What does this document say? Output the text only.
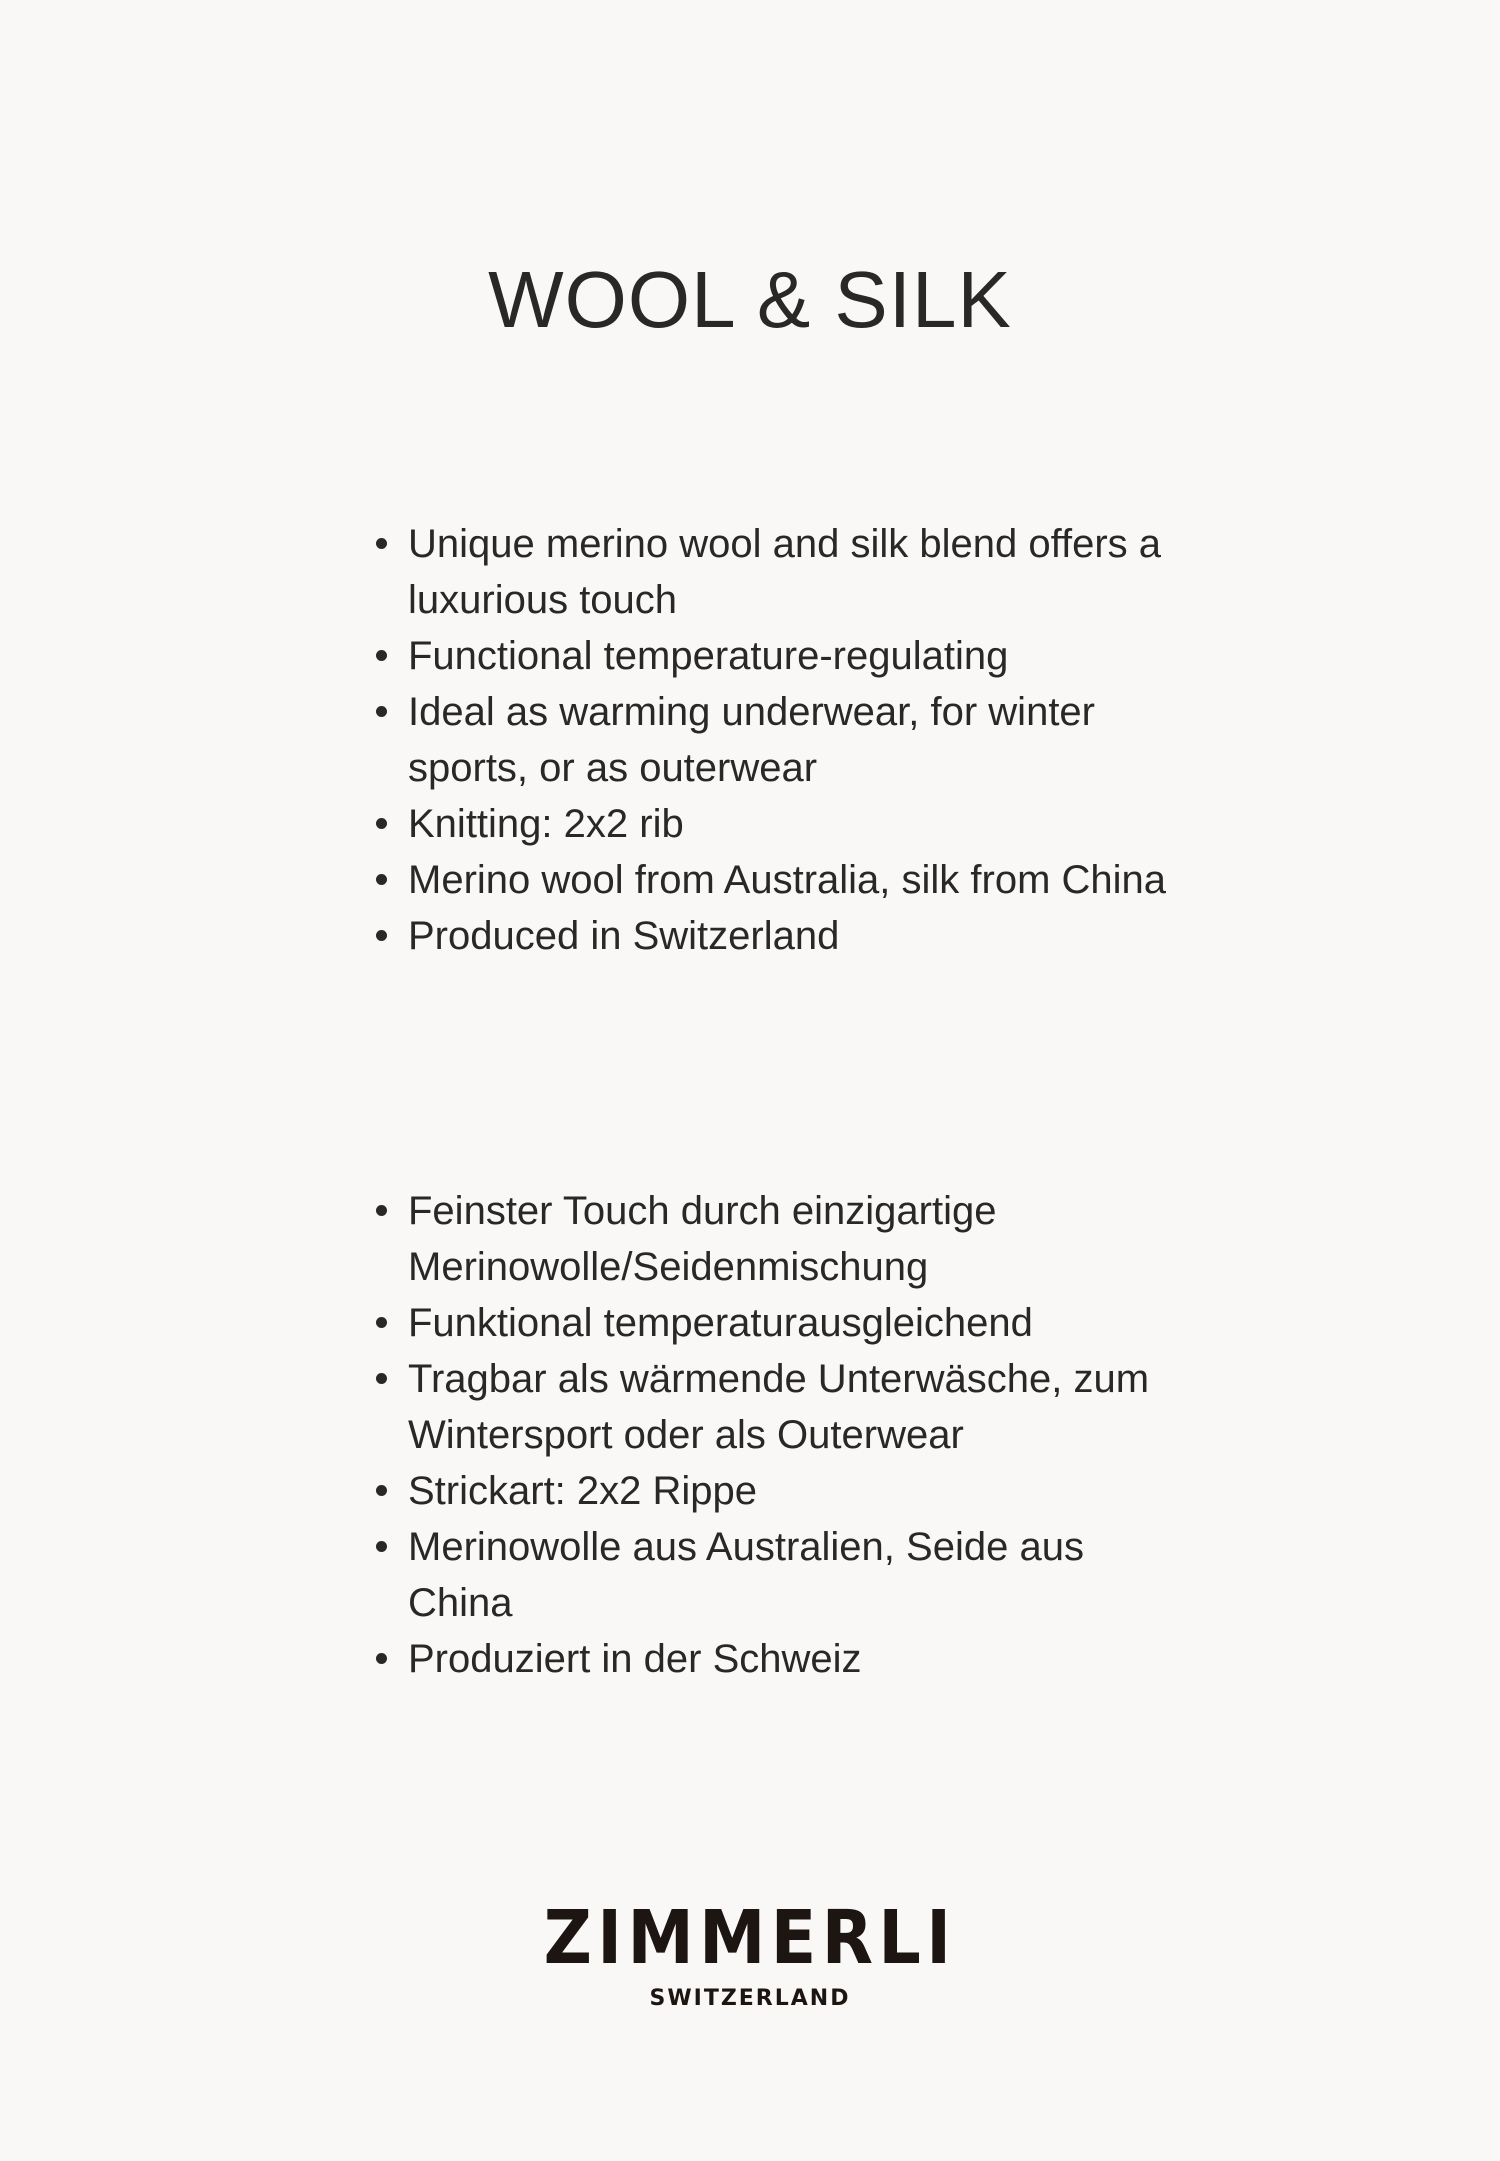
WOOL & SILK
Unique merino wool and silk blend offers a luxurious touch
Functional temperature-regulating
Ideal as warming underwear, for winter sports, or as outerwear
Knitting: 2x2 rib
Merino wool from Australia, silk from China
Produced in Switzerland
Feinster Touch durch einzigartige Merinowolle/Seidenmischung
Funktional temperaturausgleichend
Tragbar als wärmende Unterwäsche, zum Wintersport oder als Outerwear
Strickart: 2x2 Rippe
Merinowolle aus Australien, Seide aus China
Produziert in der Schweiz
ZIMMERLI
SWITZERLAND
